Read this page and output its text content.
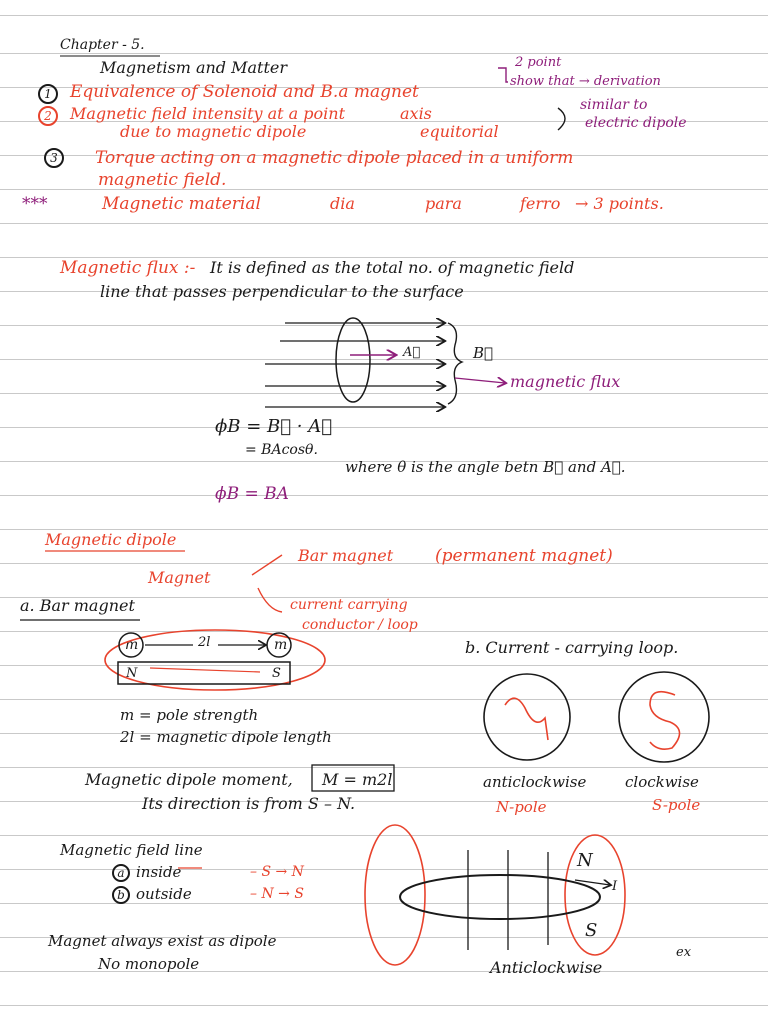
Chapter - 5.
Magnetism and Matter
1	Equivalence of Solenoid and B.a magnet
2 point
show that → derivation
2	Magnetic field intensity at a point	axis
due to magnetic dipole	equitorial
similar to
electric dipole
3	Torque acting on a magnetic dipole placed in a uniform
magnetic field.
***	Magnetic material	dia	para	ferro → 3 points.
Magnetic flux :- It is defined as the total no. of magnetic field
line that passes perpendicular to the surface
A⃗	B⃗
magnetic flux
ϕB = B⃗ · A⃗
= BAcosθ.
where θ is the angle betn B⃗ and A⃗.
ϕB = BA
Magnetic dipole
Magnet
Bar magnet (permanent magnet)
current carrying
conductor / loop
a. Bar magnet
m	m
2l
N	S
m = pole strength
2l = magnetic dipole length
Magnetic dipole moment, M = m2l
Its direction is from S – N.
b. Current - carrying loop.
anticlockwise
N-pole
clockwise
S-pole
Magnetic field line
a inside	– S → N
b outside	– N → S
Magnet always exist as dipole
No monopole
N
S
I
Anticlockwise
ex
